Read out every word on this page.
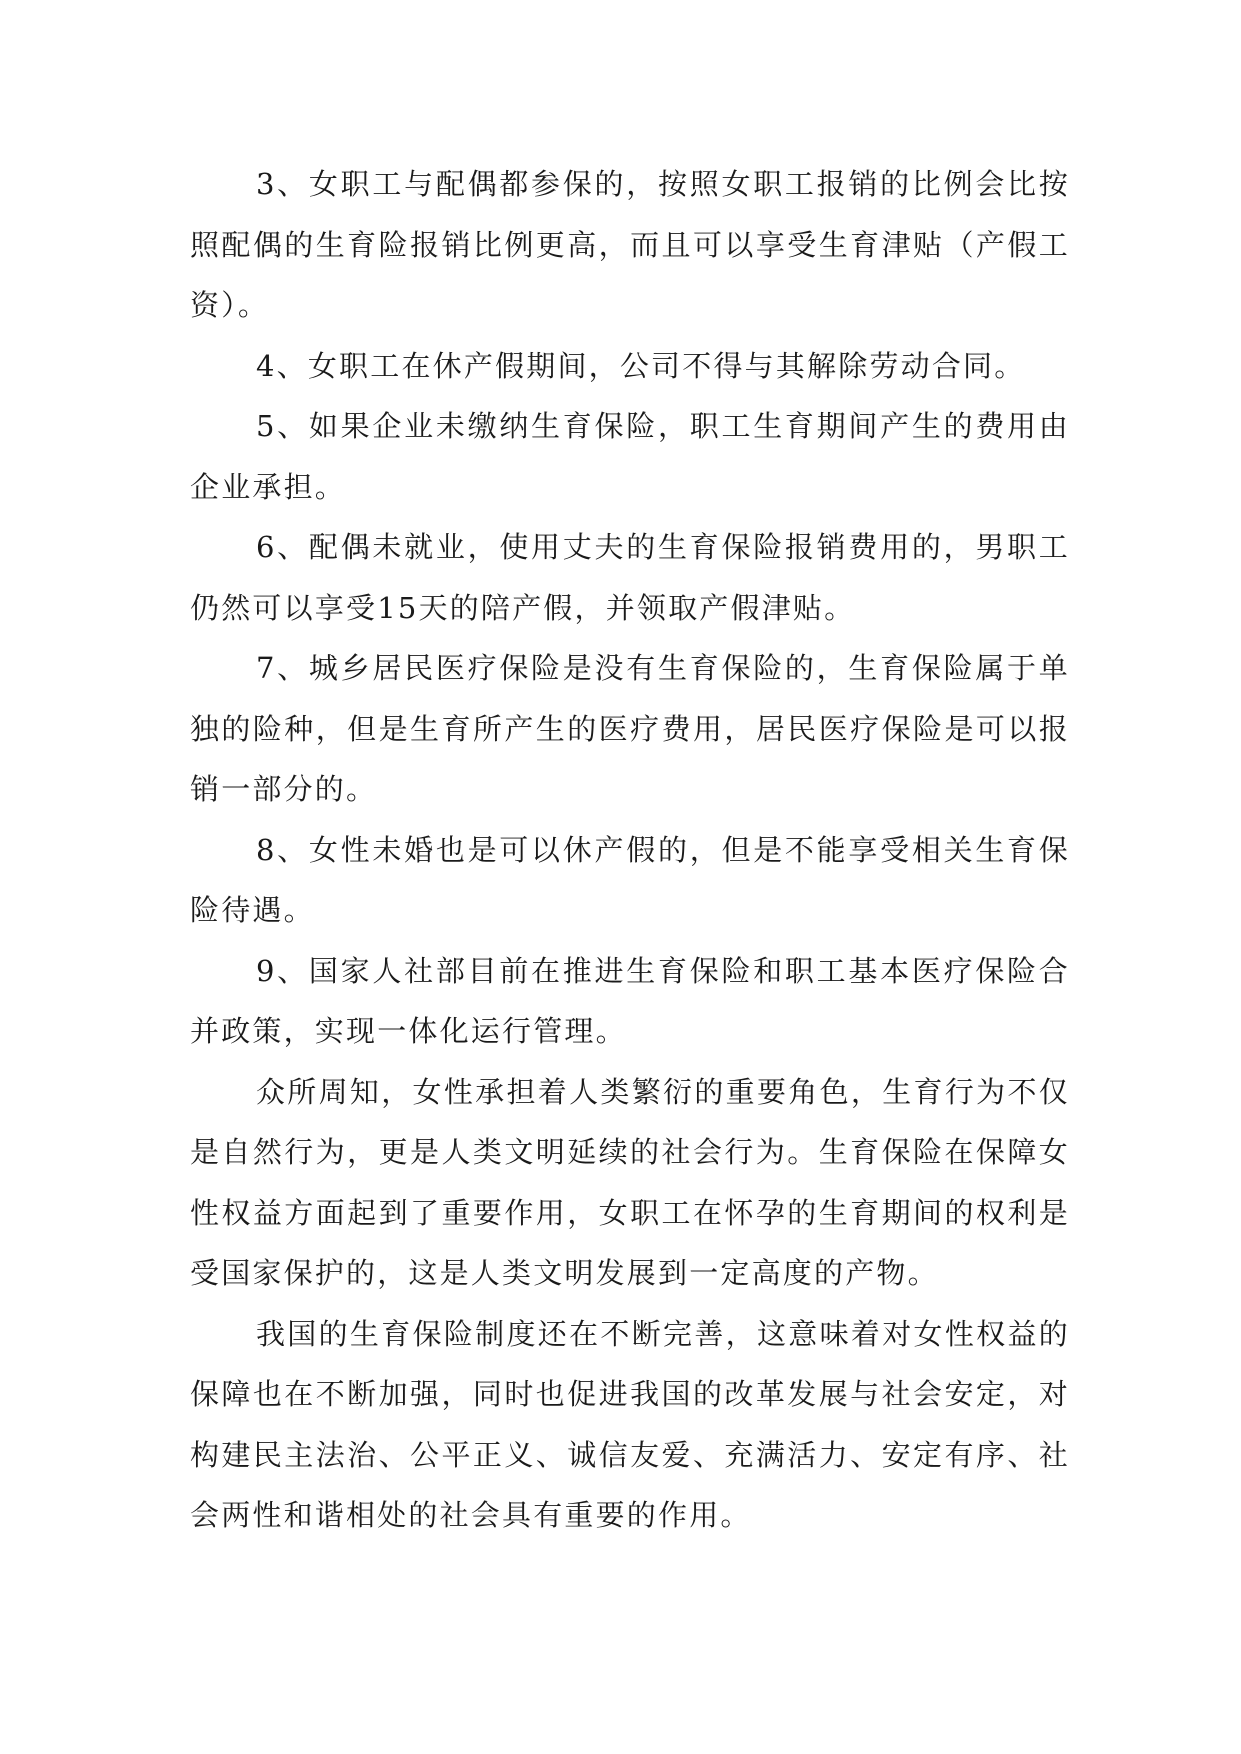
3、女职工与配偶都参保的，按照女职工报销的比例会比按照配偶的生育险报销比例更高，而且可以享受生育津贴（产假工资）。

4、女职工在休产假期间，公司不得与其解除劳动合同。

5、如果企业未缴纳生育保险，职工生育期间产生的费用由企业承担。

6、配偶未就业，使用丈夫的生育保险报销费用的，男职工仍然可以享受15天的陪产假，并领取产假津贴。

7、城乡居民医疗保险是没有生育保险的，生育保险属于单独的险种，但是生育所产生的医疗费用，居民医疗保险是可以报销一部分的。

8、女性未婚也是可以休产假的，但是不能享受相关生育保险待遇。

9、国家人社部目前在推进生育保险和职工基本医疗保险合并政策，实现一体化运行管理。

众所周知，女性承担着人类繁衍的重要角色，生育行为不仅是自然行为，更是人类文明延续的社会行为。生育保险在保障女性权益方面起到了重要作用，女职工在怀孕的生育期间的权利是受国家保护的，这是人类文明发展到一定高度的产物。

我国的生育保险制度还在不断完善，这意味着对女性权益的保障也在不断加强，同时也促进我国的改革发展与社会安定，对构建民主法治、公平正义、诚信友爱、充满活力、安定有序、社会两性和谐相处的社会具有重要的作用。
